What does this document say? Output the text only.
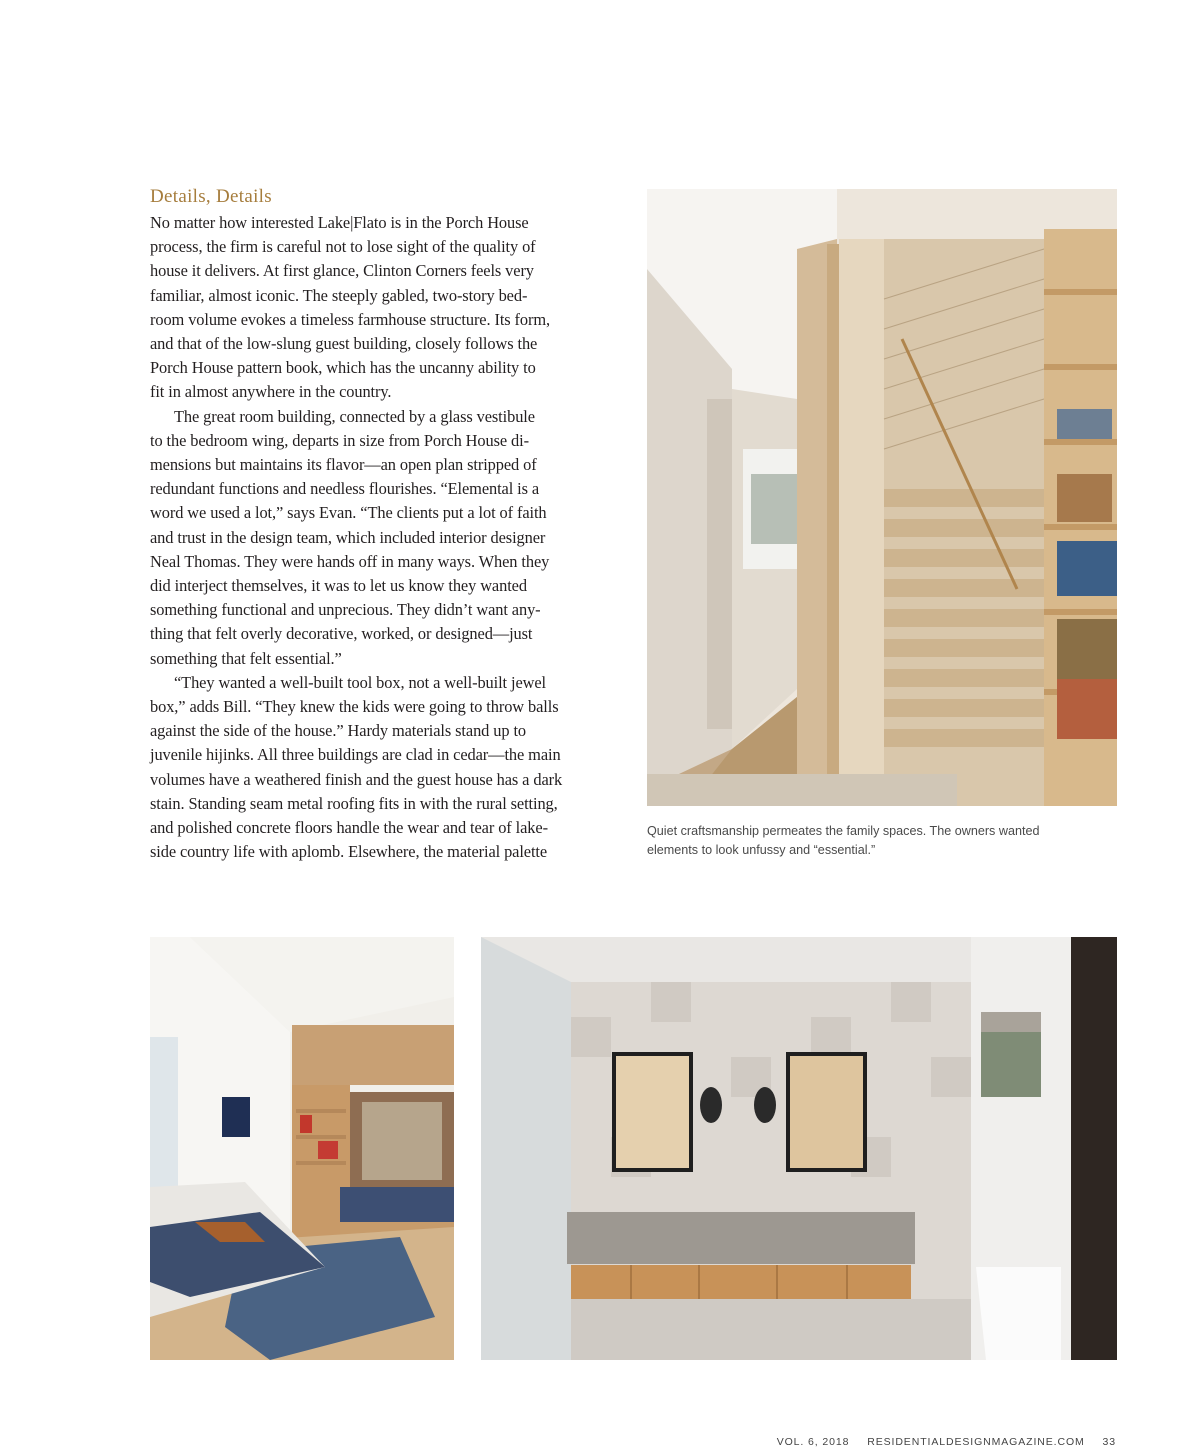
Details, Details
No matter how interested Lake|Flato is in the Porch House
process, the firm is careful not to lose sight of the quality of
house it delivers. At first glance, Clinton Corners feels very
familiar, almost iconic. The steeply gabled, two-story bed-
room volume evokes a timeless farmhouse structure. Its form,
and that of the low-slung guest building, closely follows the
Porch House pattern book, which has the uncanny ability to
fit in almost anywhere in the country.
The great room building, connected by a glass vestibule
to the bedroom wing, departs in size from Porch House di-
mensions but maintains its flavor—an open plan stripped of
redundant functions and needless flourishes. “Elemental is a
word we used a lot,” says Evan. “The clients put a lot of faith
and trust in the design team, which included interior designer
Neal Thomas. They were hands off in many ways. When they
did interject themselves, it was to let us know they wanted
something functional and unprecious. They didn’t want any-
thing that felt overly decorative, worked, or designed—just
something that felt essential.”
“They wanted a well-built tool box, not a well-built jewel
box,” adds Bill. “They knew the kids were going to throw balls
against the side of the house.” Hardy materials stand up to
juvenile hijinks. All three buildings are clad in cedar—the main
volumes have a weathered finish and the guest house has a dark
stain. Standing seam metal roofing fits in with the rural setting,
and polished concrete floors handle the wear and tear of lake-
side country life with aplomb. Elsewhere, the material palette
Quiet craftsmanship permeates the family spaces. The owners wanted
elements to look unfussy and “essential.”
VOL. 6, 2018 RESIDENTIALDESIGNMAGAZINE.COM 33
